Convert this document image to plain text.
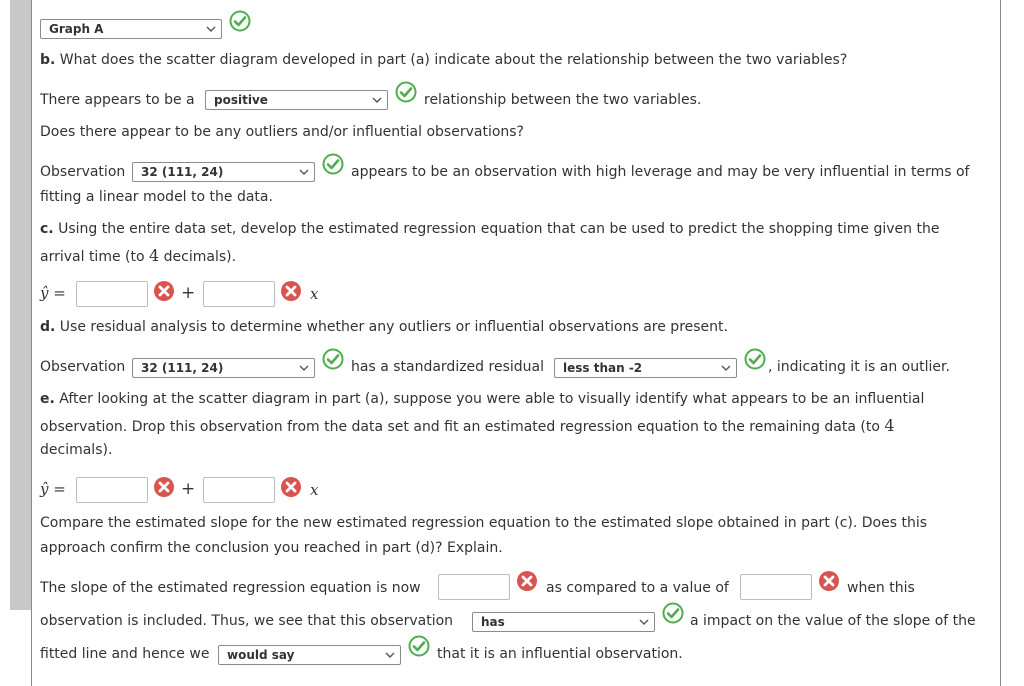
Graph A
b. What does the scatter diagram developed in part (a) indicate about the relationship between the two variables?
There appears to be a positive	relationship between the two variables.
Does there appear to be any outliers and/or influential observations?
Observation 32 (111, 24)	appears to be an observation with high leverage and may be very influential in terms of
fitting a linear model to the data.
c. Using the entire data set, develop the estimated regression equation that can be used to predict the shopping time given the
arrival time (to 4 decimals).
ŷ =	+	x
d. Use residual analysis to determine whether any outliers or influential observations are present.
Observation 32 (111, 24)	has a standardized residual less than -2	, indicating it is an outlier.
e. After looking at the scatter diagram in part (a), suppose you were able to visually identify what appears to be an influential
observation. Drop this observation from the data set and fit an estimated regression equation to the remaining data (to 4
decimals).
ŷ =	+	x
Compare the estimated slope for the new estimated regression equation to the estimated slope obtained in part (c). Does this
approach confirm the conclusion you reached in part (d)? Explain.
The slope of the estimated regression equation is now	as compared to a value of	when this
observation is included. Thus, we see that this observation has	a impact on the value of the slope of the
fitted line and hence we would say	that it is an influential observation.
